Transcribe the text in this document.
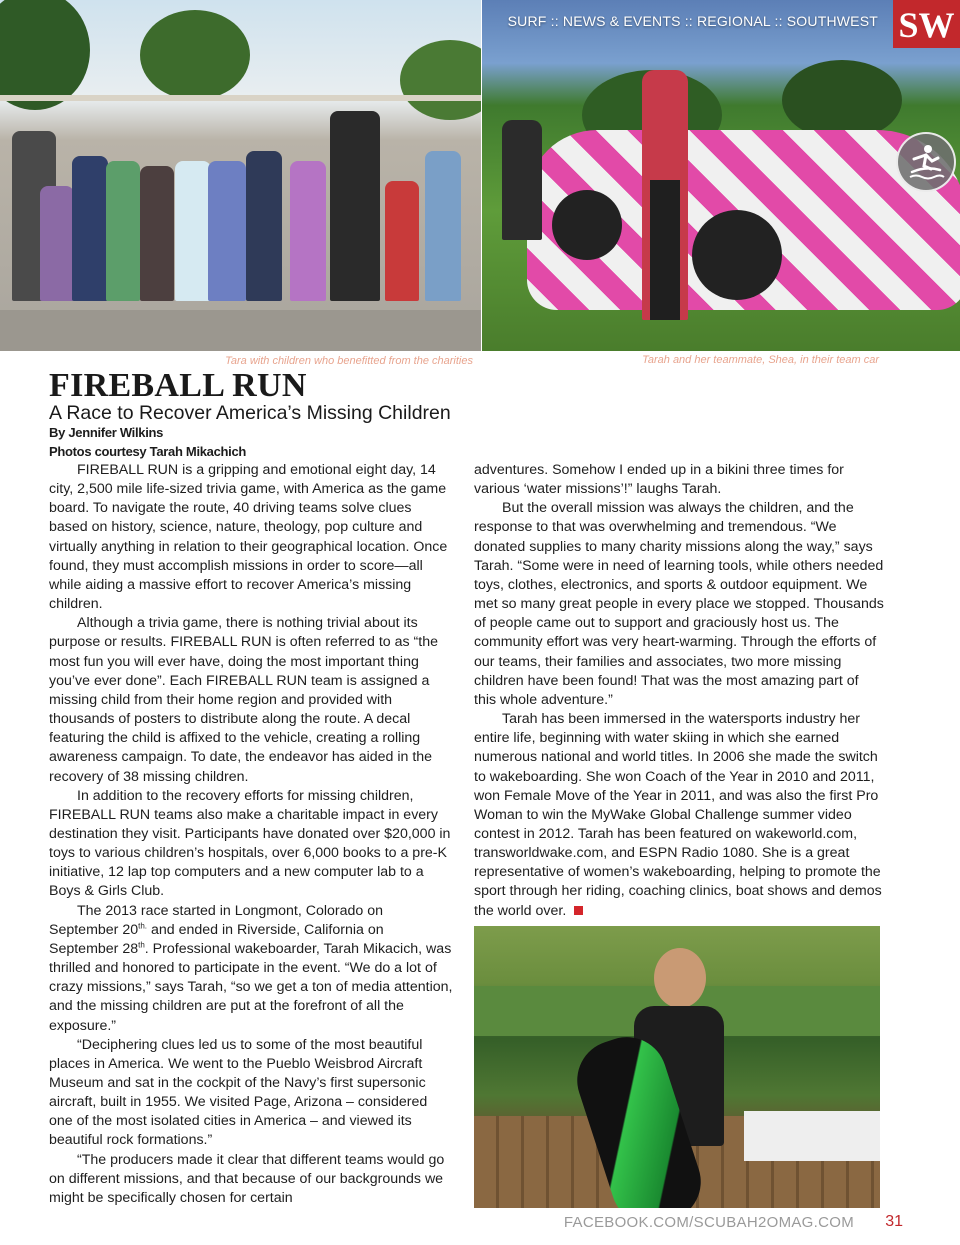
SURF :: NEWS & EVENTS :: REGIONAL :: SOUTHWEST SW
Tara with children who benefitted from the charities	Tarah and her teammate, Shea, in their team car
FIREBALL RUN
A Race to Recover America’s Missing Children
By Jennifer Wilkins
Photos courtesy Tarah Mikachich

FIREBALL RUN is a gripping and emotional eight day, 14 city, 2,500 mile life-sized trivia game, with America as the game board. To navigate the route, 40 driving teams solve clues based on history, science, nature, theology, pop culture and virtually anything in relation to their geographical location. Once found, they must accomplish missions in order to score—all while aiding a massive effort to recover America’s missing children.

Although a trivia game, there is nothing trivial about its purpose or results. FIREBALL RUN is often referred to as “the most fun you will ever have, doing the most important thing you’ve ever done”. Each FIREBALL RUN team is assigned a missing child from their home region and provided with thousands of posters to distribute along the route. A decal featuring the child is affixed to the vehicle, creating a rolling awareness campaign. To date, the endeavor has aided in the recovery of 38 missing children.

In addition to the recovery efforts for missing children, FIREBALL RUN teams also make a charitable impact in every destination they visit. Participants have donated over $20,000 in toys to various children’s hospitals, over 6,000 books to a pre-K initiative, 12 lap top computers and a new computer lab to a Boys & Girls Club.

The 2013 race started in Longmont, Colorado on September $20^{th.}$ and ended in Riverside, California on September 28th. Professional wakeboarder, Tarah Mikacich, was thrilled and honored to participate in the event. “We do a lot of crazy missions,” says Tarah, “so we get a ton of media attention, and the missing children are put at the forefront of all the exposure.”

“Deciphering clues led us to some of the most beautiful places in America. We went to the Pueblo Weisbrod Aircraft Museum and sat in the cockpit of the Navy’s first supersonic aircraft, built in 1955. We visited Page, Arizona – considered one of the most isolated cities in America – and viewed its beautiful rock formations.”

“The producers made it clear that different teams would go on different missions, and that because of our backgrounds we might be specifically chosen for certain

adventures. Somehow I ended up in a bikini three times for various ‘water missions’!” laughs Tarah.

But the overall mission was always the children, and the response to that was overwhelming and tremendous. “We donated supplies to many charity missions along the way,” says Tarah. “Some were in need of learning tools, while others needed toys, clothes, electronics, and sports & outdoor equipment. We met so many great people in every place we stopped. Thousands of people came out to support and graciously host us. The community effort was very heart-warming. Through the efforts of our teams, their families and associates, two more missing children have been found! That was the most amazing part of this whole adventure.”

Tarah has been immersed in the watersports industry her entire life, beginning with water skiing in which she earned numerous national and world titles. In 2006 she made the switch to wakeboarding. She won Coach of the Year in 2010 and 2011, won Female Move of the Year in 2011, and was also the first Pro Woman to win the MyWake Global Challenge summer video contest in 2012. Tarah has been featured on wakeworld.com, transworldwake.com, and ESPN Radio 1080. She is a great representative of women’s wakeboarding, helping to promote the sport through her riding, coaching clinics, boat shows and demos the world over.

FACEBOOK.COM/SCUBAH2OMAG.COM 31
